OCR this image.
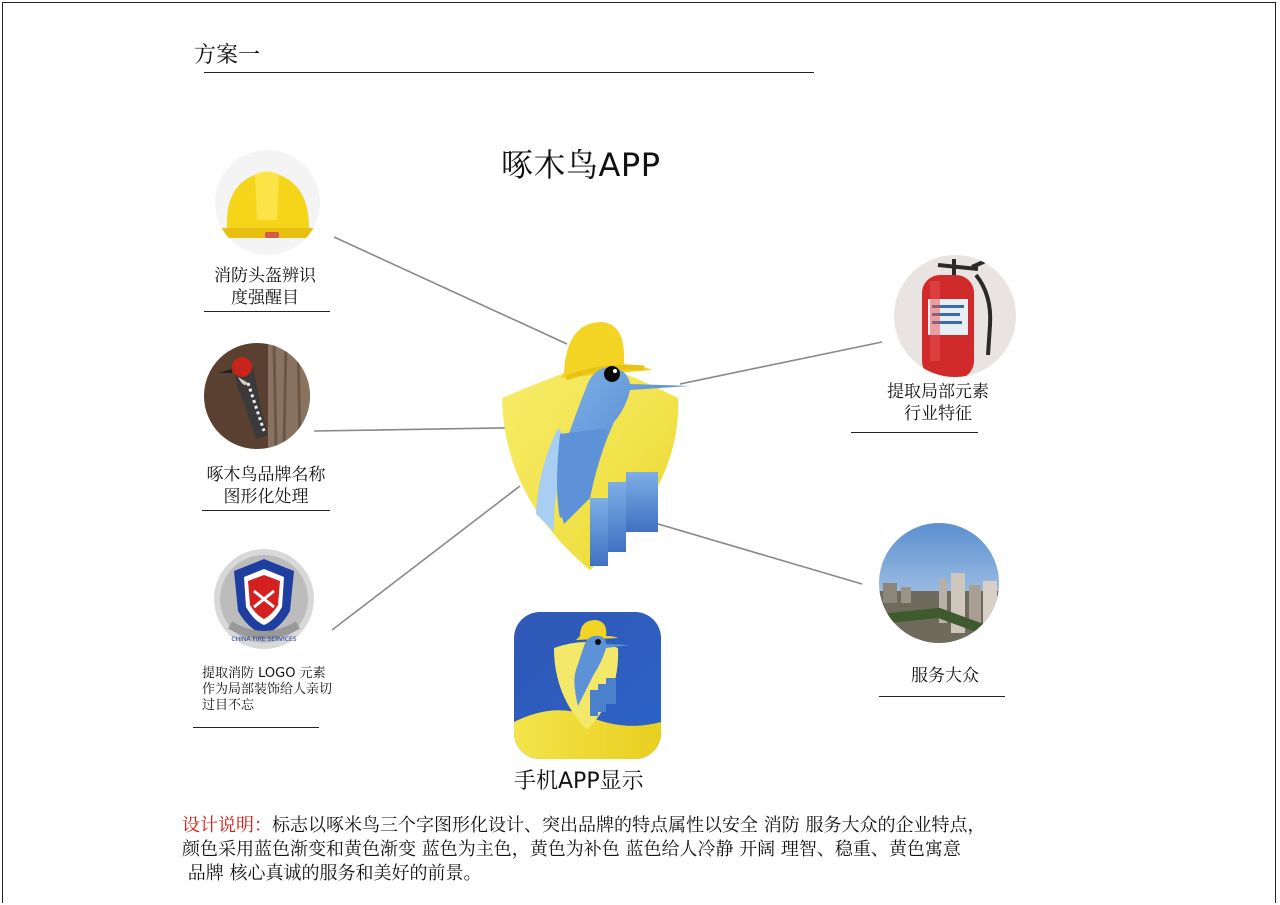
方案一
啄木鸟APP
消防头盔辨识
度强醒目
啄木鸟品牌名称
图形化处理
CHINA FIRE SERVICES
提取消防 LOGO 元素
作为局部装饰给人亲切
过目不忘
提取局部元素
行业特征
服务大众
手机APP显示
设计说明：标志以啄米鸟三个字图形化设计、突出品牌的特点属性以安全 消防 服务大众的企业特点，
颜色采用蓝色渐变和黄色渐变 蓝色为主色，黄色为补色 蓝色给人冷静 开阔 理智、稳重、黄色寓意
品牌 核心真诚的服务和美好的前景。
